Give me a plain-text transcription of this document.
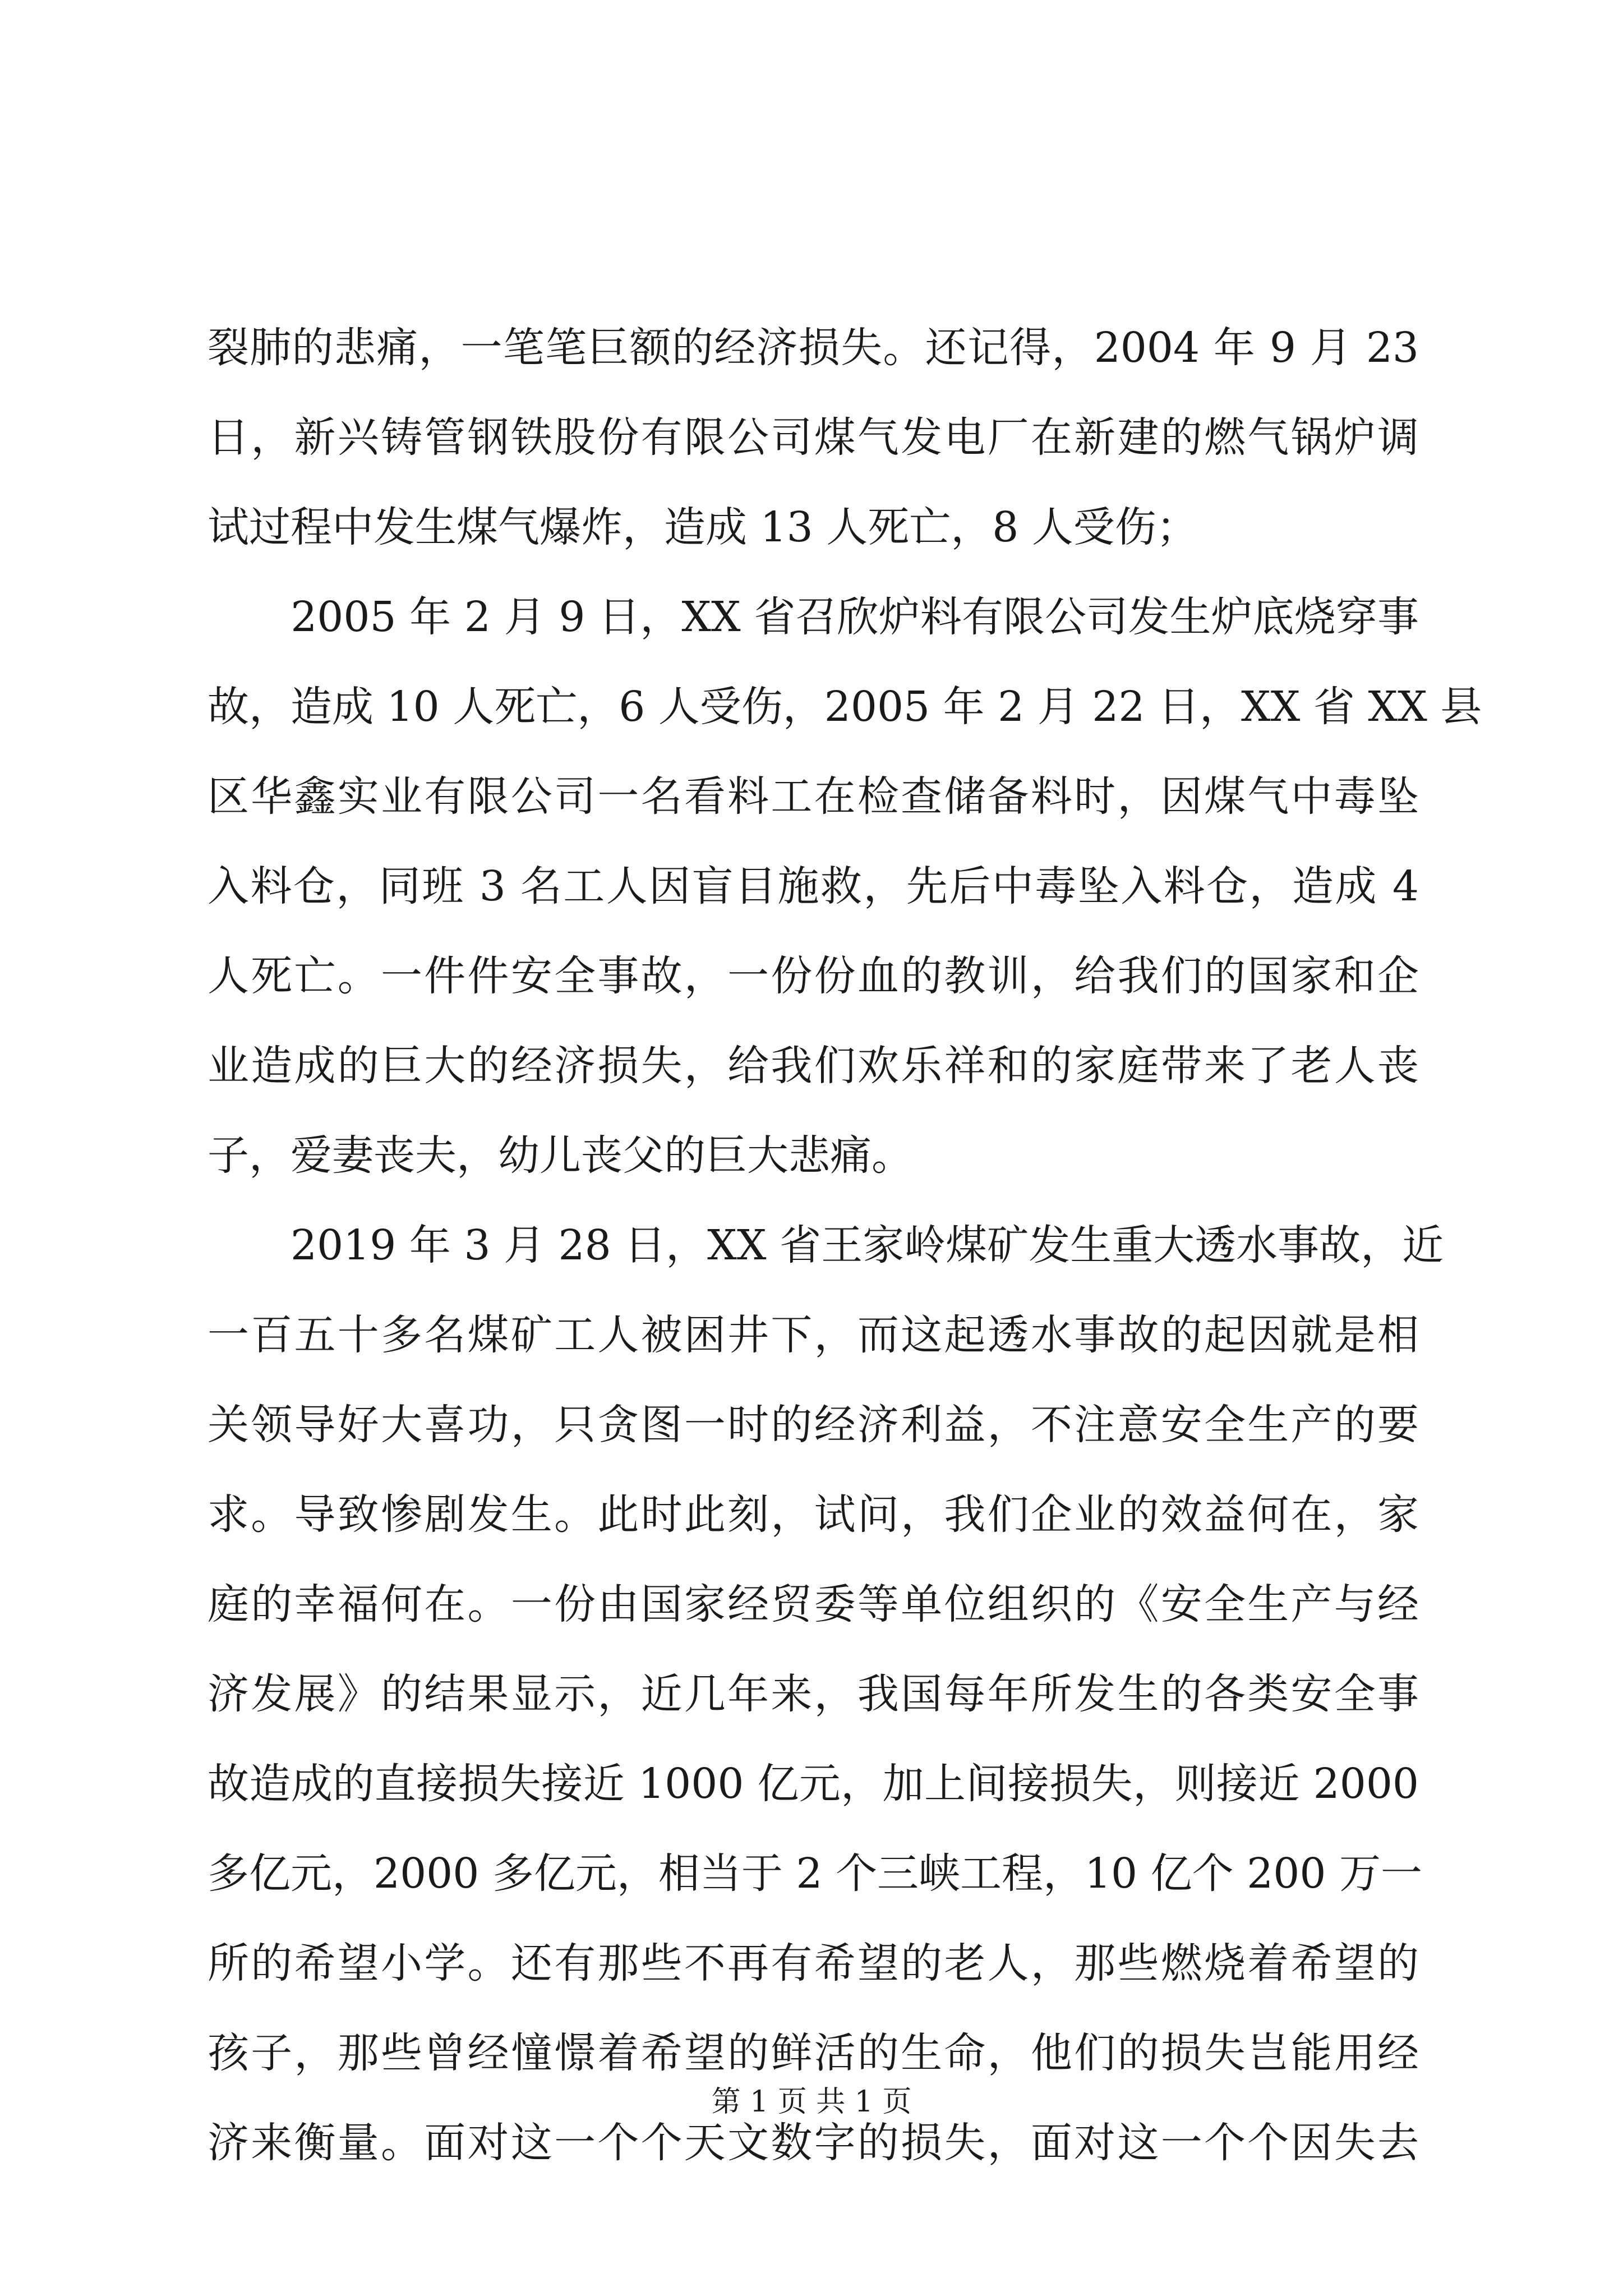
裂肺的悲痛，一笔笔巨额的经济损失。还记得，2004 年 9 月 23
日，新兴铸管钢铁股份有限公司煤气发电厂在新建的燃气锅炉调
试过程中发生煤气爆炸，造成 13 人死亡，8 人受伤；
　　2005 年 2 月 9 日，XX 省召欣炉料有限公司发生炉底烧穿事
故，造成 10 人死亡，6 人受伤，2005 年 2 月 22 日，XX 省 XX 县
区华鑫实业有限公司一名看料工在检查储备料时，因煤气中毒坠
入料仓，同班 3 名工人因盲目施救，先后中毒坠入料仓，造成 4
人死亡。一件件安全事故，一份份血的教训，给我们的国家和企
业造成的巨大的经济损失，给我们欢乐祥和的家庭带来了老人丧
子，爱妻丧夫，幼儿丧父的巨大悲痛。
　　2019 年 3 月 28 日，XX 省王家岭煤矿发生重大透水事故，近
一百五十多名煤矿工人被困井下，而这起透水事故的起因就是相
关领导好大喜功，只贪图一时的经济利益，不注意安全生产的要
求。导致惨剧发生。此时此刻，试问，我们企业的效益何在，家
庭的幸福何在。一份由国家经贸委等单位组织的《安全生产与经
济发展》的结果显示，近几年来，我国每年所发生的各类安全事
故造成的直接损失接近 1000 亿元，加上间接损失，则接近 2000
多亿元，2000 多亿元，相当于 2 个三峡工程，10 亿个 200 万一
所的希望小学。还有那些不再有希望的老人，那些燃烧着希望的
孩子，那些曾经憧憬着希望的鲜活的生命，他们的损失岂能用经
济来衡量。面对这一个个天文数字的损失，面对这一个个因失去
第 1 页 共 1 页
